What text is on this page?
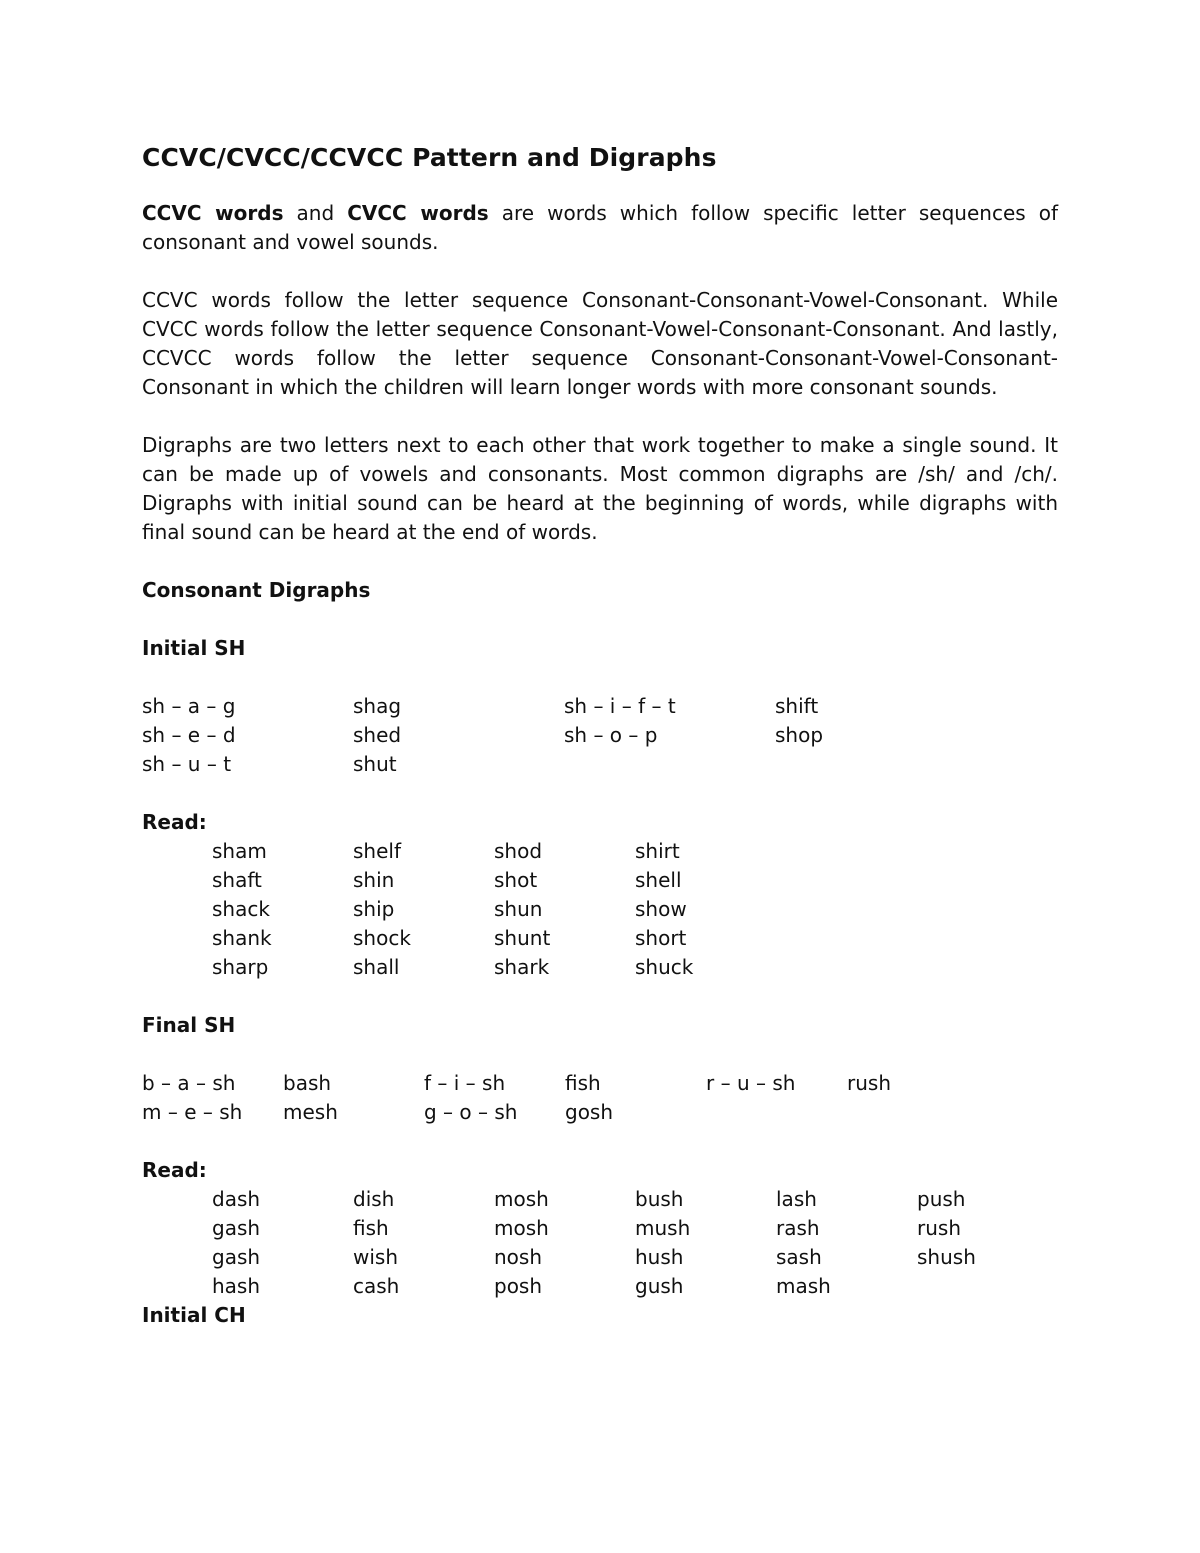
CCVC/CVCC/CCVCC Pattern and Digraphs

CCVC words and CVCC words are words which follow specific letter sequences of consonant and vowel sounds.

CCVC words follow the letter sequence Consonant-Consonant-Vowel-Consonant. While CVCC words follow the letter sequence Consonant-Vowel-Consonant-Consonant. And lastly, CCVCC words follow the letter sequence Consonant-Consonant-Vowel-Consonant-Consonant in which the children will learn longer words with more consonant sounds.

Digraphs are two letters next to each other that work together to make a single sound. It can be made up of vowels and consonants. Most common digraphs are /sh/ and /ch/. Digraphs with initial sound can be heard at the beginning of words, while digraphs with final sound can be heard at the end of words.

Consonant Digraphs
Initial SH
sh – a – g	shag	sh – i – f – t	shift
sh – e – d	shed	sh – o – p	shop
sh – u – t	shut
Read:
sham	shelf	shod	shirt
shaft	shin	shot	shell
shack	ship	shun	show
shank	shock	shunt	short
sharp	shall	shark	shuck
Final SH
b – a – sh	bash	f – i – sh	fish	r – u – sh	rush
m – e – sh	mesh	g – o – sh	gosh
Read:
dash	dish	mosh	bush	lash	push
gash	fish	mosh	mush	rash	rush
gash	wish	nosh	hush	sash	shush
hash	cash	posh	gush	mash
Initial CH
